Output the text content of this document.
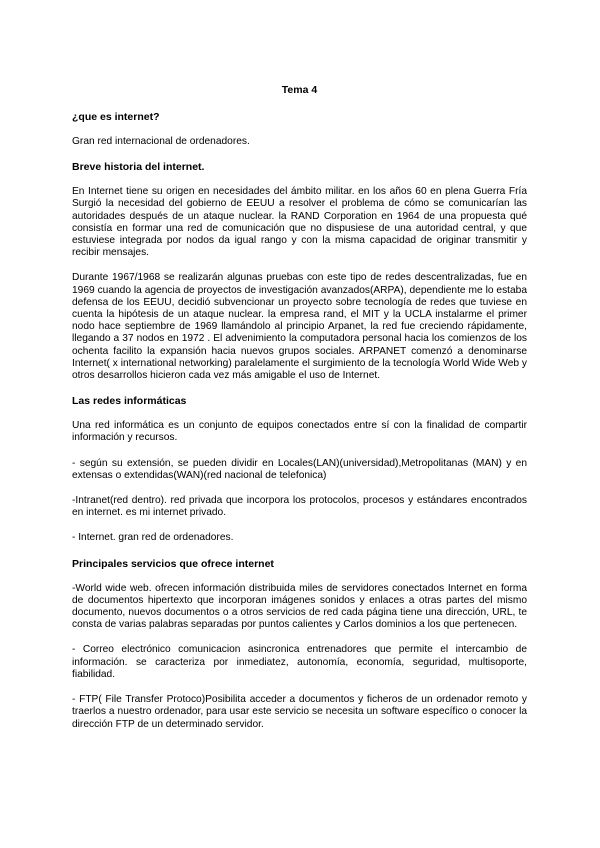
Tema 4
¿que es internet?

Gran red internacional de ordenadores.

Breve historia del internet.

En Internet tiene su origen en necesidades del ámbito militar. en los años 60 en plena Guerra Fría Surgió la necesidad del gobierno de EEUU a resolver el problema de cómo se comunicarían las autoridades después de un ataque nuclear. la RAND Corporation en 1964 de una propuesta qué consistía en formar una red de comunicación que no dispusiese de una autoridad central, y que estuviese integrada por nodos da igual rango y con la misma capacidad de originar transmitir y recibir mensajes.

Durante 1967/1968 se realizarán algunas pruebas con este tipo de redes descentralizadas, fue en 1969 cuando la agencia de proyectos de investigación avanzados(ARPA), dependiente me lo estaba defensa de los EEUU, decidió subvencionar un proyecto sobre tecnología de redes que tuviese en cuenta la hipótesis de un ataque nuclear. la empresa rand, el MIT y la UCLA instalarme el primer nodo hace septiembre de 1969 llamándolo al principio Arpanet, la red fue creciendo rápidamente, llegando a 37 nodos en 1972 . El advenimiento la computadora personal hacia los comienzos de los ochenta facilito la expansión hacia nuevos grupos sociales. ARPANET comenzó a denominarse Internet( x international networking) paralelamente el surgimiento de la tecnología World Wide Web y otros desarrollos hicieron cada vez más amigable el uso de Internet.

Las redes informáticas

Una red informática es un conjunto de equipos conectados entre sí con la finalidad de compartir información y recursos.

- según su extensión, se pueden dividir en Locales(LAN)(universidad),Metropolitanas (MAN) y en extensas o extendidas(WAN)(red nacional de telefonica)

-Intranet(red dentro). red privada que incorpora los protocolos, procesos y estándares encontrados en internet. es mi internet privado.

- Internet. gran red de ordenadores.

Principales servicios que ofrece internet

-World wide web. ofrecen información distribuida miles de servidores conectados Internet en forma de documentos hipertexto que incorporan imágenes sonidos y enlaces a otras partes del mismo documento, nuevos documentos o a otros servicios de red cada página tiene una dirección, URL, te consta de varias palabras separadas por puntos calientes y Carlos dominios a los que pertenecen.

- Correo electrónico comunicacion asincronica entrenadores que permite el intercambio de información. se caracteriza por inmediatez, autonomía, economía, seguridad, multisoporte, fiabilidad.

- FTP( File Transfer Protoco)Posibilita acceder a documentos y ficheros de un ordenador remoto y traerlos a nuestro ordenador, para usar este servicio se necesita un software específico o conocer la dirección FTP de un determinado servidor.
